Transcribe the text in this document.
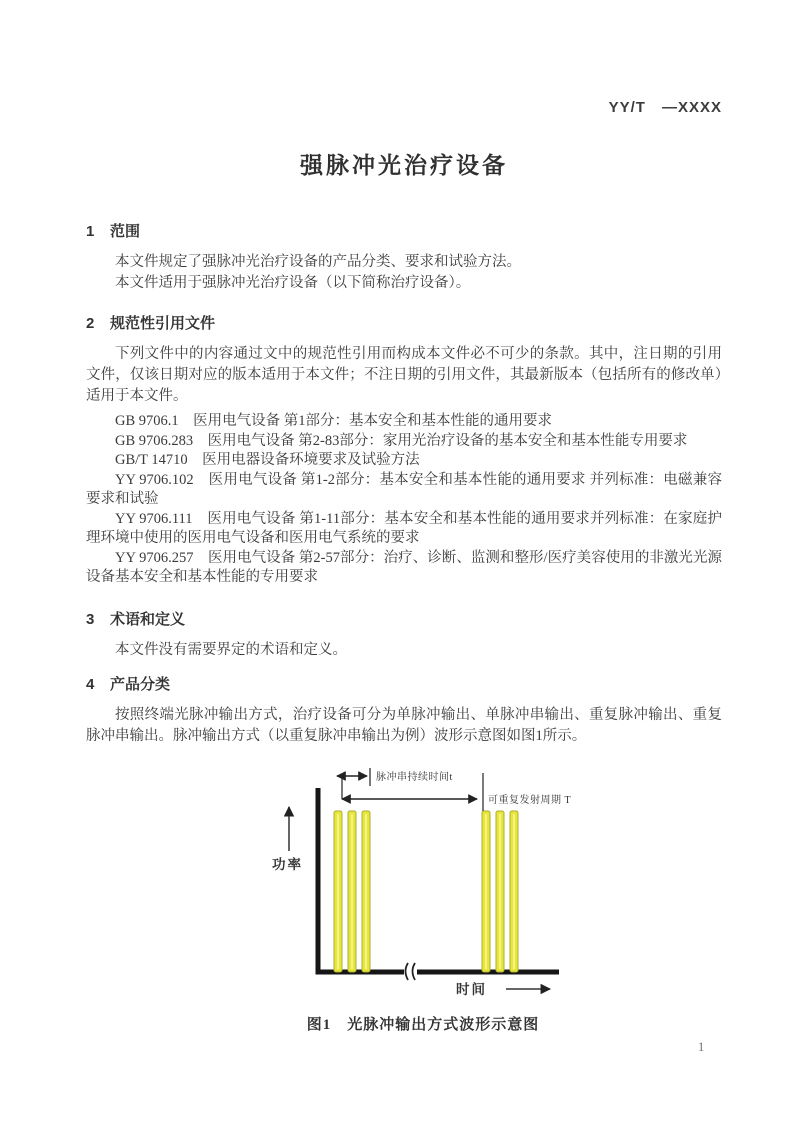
YY/T　—XXXX
强脉冲光治疗设备
1 范围

本文件规定了强脉冲光治疗设备的产品分类、要求和试验方法。

本文件适用于强脉冲光治疗设备（以下简称治疗设备）。

2 规范性引用文件

下列文件中的内容通过文中的规范性引用而构成本文件必不可少的条款。其中，注日期的引用文件，仅该日期对应的版本适用于本文件；不注日期的引用文件，其最新版本（包括所有的修改单）适用于本文件。

GB 9706.1　医用电气设备 第1部分：基本安全和基本性能的通用要求

GB 9706.283　医用电气设备 第2-83部分：家用光治疗设备的基本安全和基本性能专用要求

GB/T 14710　医用电器设备环境要求及试验方法

YY 9706.102　医用电气设备 第1-2部分：基本安全和基本性能的通用要求 并列标准：电磁兼容 要求和试验

YY 9706.111　医用电气设备 第1-11部分：基本安全和基本性能的通用要求并列标准：在家庭护理环境中使用的医用电气设备和医用电气系统的要求

YY 9706.257　医用电气设备 第2-57部分：治疗、诊断、监测和整形/医疗美容使用的非激光光源设备基本安全和基本性能的专用要求

3 术语和定义

本文件没有需要界定的术语和定义。

4 产品分类

按照终端光脉冲输出方式，治疗设备可分为单脉冲输出、单脉冲串输出、重复脉冲输出、重复脉冲串输出。脉冲输出方式（以重复脉冲串输出为例）波形示意图如图1所示。

功率
脉冲串持续时间t
可重复发射周期 T
时间
图1　光脉冲输出方式波形示意图
1
